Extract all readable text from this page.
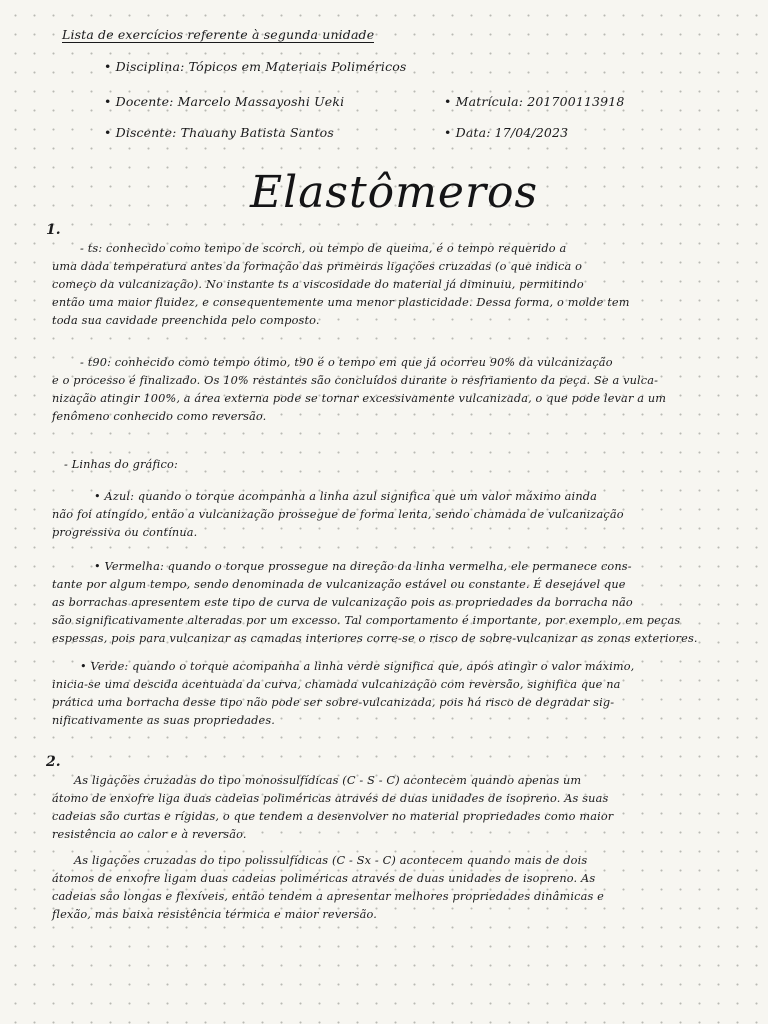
Lista de exercícios referente à segunda unidade
• Disciplina: Tópicos em Materiais Poliméricos
• Docente: Marcelo Massayoshi Ueki	• Matrícula: 201700113918
• Discente: Thauany Batista Santos	• Data: 17/04/2023
Elastômeros
1.
- ts: conhecido como tempo de scorch, ou tempo de queima, é o tempo requerido a
uma dada temperatura antes da formação das primeiras ligações cruzadas (o que indica o
começo da vulcanização). No instante ts a viscosidade do material já diminuiu, permitindo
então uma maior fluidez, e consequentemente uma menor plasticidade. Dessa forma, o molde tem
toda sua cavidade preenchida pelo composto.
- t90: conhecido como tempo ótimo, t90 é o tempo em que já ocorreu 90% da vulcanização
e o processo é finalizado. Os 10% restantes são concluídos durante o resfriamento da peça. Se a vulca-
nização atingir 100%, a área externa pode se tornar excessivamente vulcanizada, o que pode levar a um
fenômeno conhecido como reversão.
- Linhas do gráfico:
• Azul: quando o torque acompanha a linha azul significa que um valor máximo ainda
não foi atingido, então a vulcanização prossegue de forma lenta, sendo chamada de vulcanização
progressiva ou contínua.
• Vermelha: quando o torque prossegue na direção da linha vermelha, ele permanece cons-
tante por algum tempo, sendo denominada de vulcanização estável ou constante. É desejável que
as borrachas apresentem este tipo de curva de vulcanização pois as propriedades da borracha não
são significativamente alteradas por um excesso. Tal comportamento é importante, por exemplo, em peças
espessas, pois para vulcanizar as camadas interiores corre-se o risco de sobre-vulcanizar as zonas exteriores.
• Verde: quando o torque acompanha a linha verde significa que, após atingir o valor máximo,
inicia-se uma descida acentuada da curva, chamada vulcanização com reversão, significa que na
prática uma borracha desse tipo não pode ser sobre-vulcanizada, pois há risco de degradar sig-
nificativamente as suas propriedades.
2.
As ligações cruzadas do tipo monossulfídicas (C - S - C) acontecem quando apenas um
átomo de enxofre liga duas cadeias poliméricas através de duas unidades de isopreno. As suas
cadeias são curtas e rígidas, o que tendem a desenvolver no material propriedades como maior
resistência ao calor e à reversão.
As ligações cruzadas do tipo polissulfídicas (C - Sx - C) acontecem quando mais de dois
átomos de enxofre ligam duas cadeias poliméricas através de duas unidades de isopreno. As
cadeias são longas e flexíveis, então tendem a apresentar melhores propriedades dinâmicas e
flexão, mas baixa resistência térmica e maior reversão.
